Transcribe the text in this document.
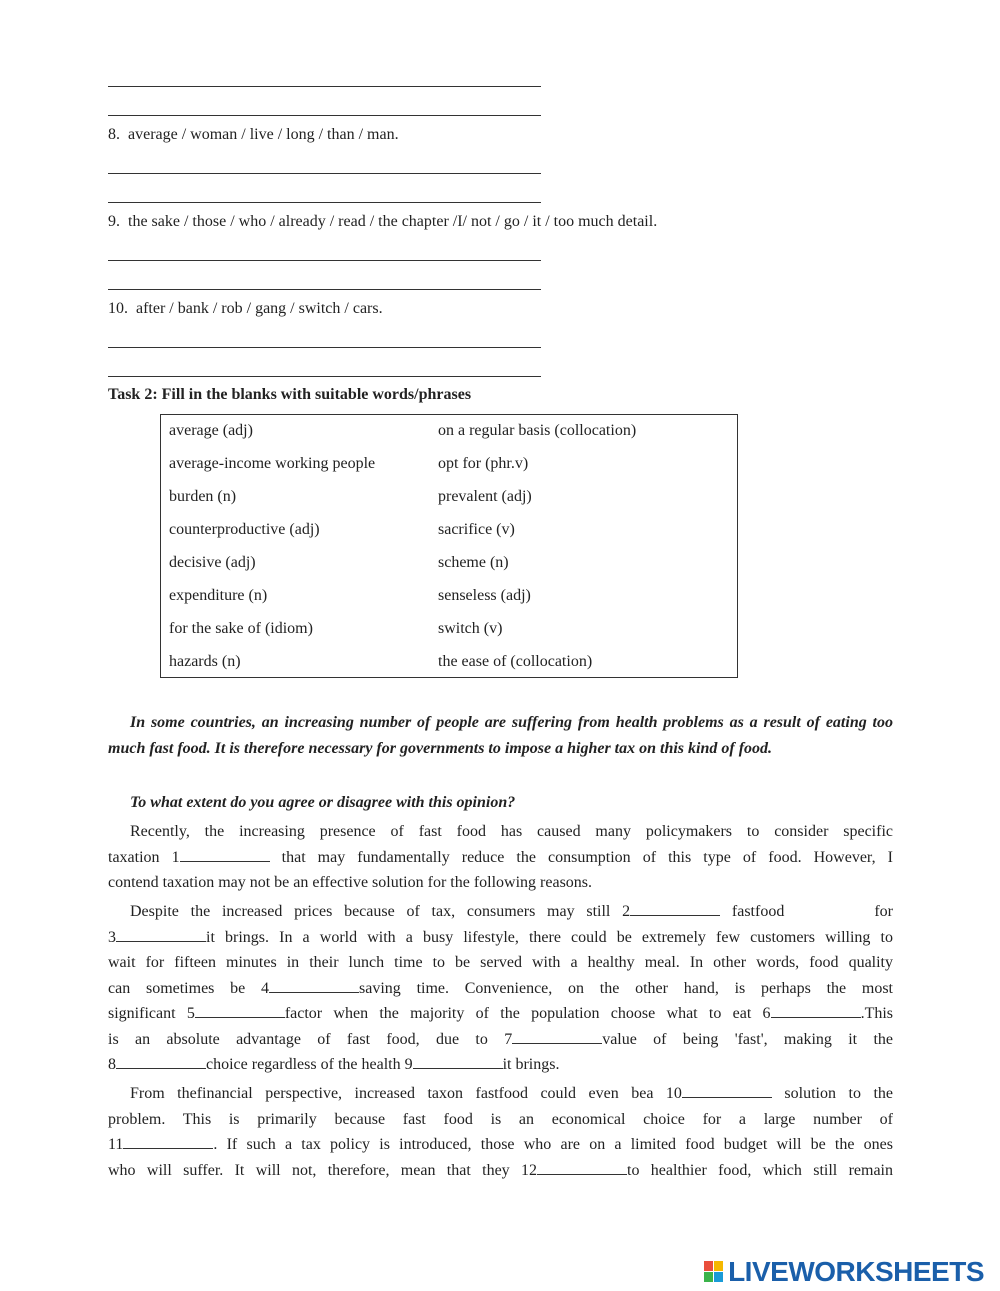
8. average / woman / live / long / than / man.
9. the sake / those / who / already / read / the chapter /I/ not / go / it / too much detail.
10. after / bank / rob / gang / switch / cars.
Task 2: Fill in the blanks with suitable words/phrases
average (adj)	on a regular basis (collocation)
average-income working people	opt for (phr.v)
burden (n)	prevalent (adj)
counterproductive (adj)	sacrifice (v)
decisive (adj)	scheme (n)
expenditure (n)	senseless (adj)
for the sake of (idiom)	switch (v)
hazards (n)	the ease of (collocation)
In some countries, an increasing number of people are suffering from health problems as a result of eating too much fast food. It is therefore necessary for governments to impose a higher tax on this kind of food.
To what extent do you agree or disagree with this opinion?
Recently, the increasing presence of fast food has caused many policymakers to consider specific
taxation 1	that may fundamentally reduce the consumption of this type of food. However, I
contend taxation may not be an effective solution for the following reasons.
Despite the increased prices because of tax, consumers may still 2	fastfood	for
3	it brings. In a world with a busy lifestyle, there could be extremely few customers willing to
wait for fifteen minutes in their lunch time to be served with a healthy meal. In other words, food quality
can sometimes be 4	saving time. Convenience, on the other hand, is perhaps the most
significant 5	factor when the majority of the population choose what to eat 6	.This
is an absolute advantage of fast food, due to 7	value of being 'fast', making it the
8	choice regardless of the health 9	it brings.
From thefinancial perspective, increased taxon fastfood could even bea 10	solution to the
problem. This is primarily because fast food is an economical choice for a large number of
11	. If such a tax policy is introduced, those who are on a limited food budget will be the ones
who will suffer. It will not, therefore, mean that they 12	to healthier food, which still remain
LIVEWORKSHEETS
